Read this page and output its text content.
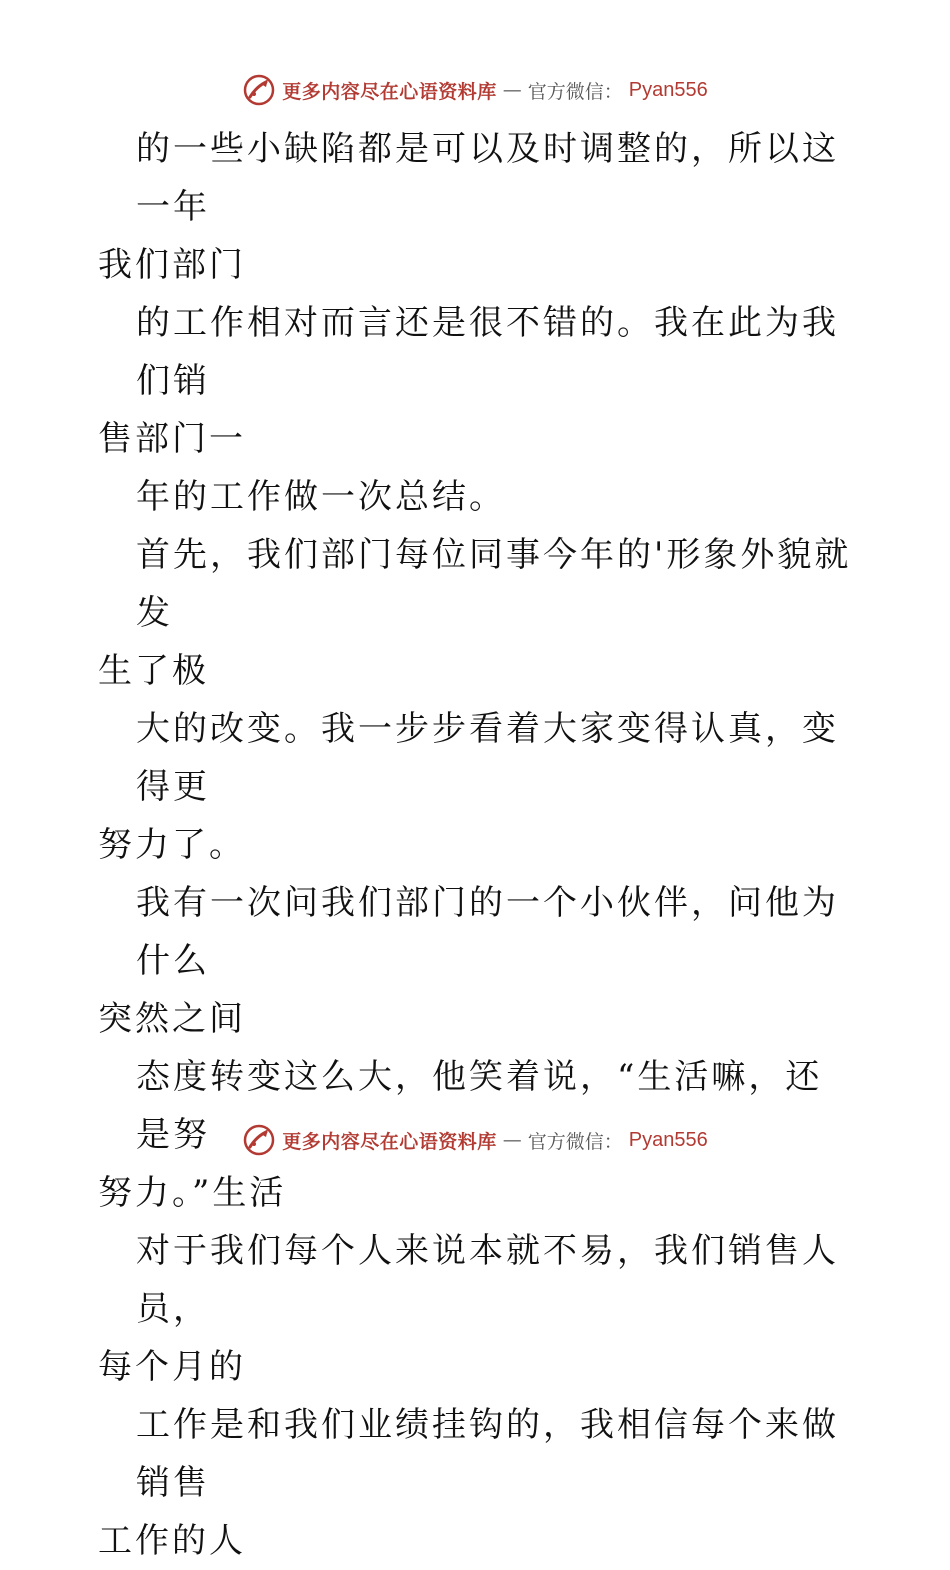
更多内容尽在心语资料库 — 官方微信： Pyan556

的一些小缺陷都是可以及时调整的，所以这一年
我们部门

的工作相对而言还是很不错的。我在此为我们销
售部门一

年的工作做一次总结。

首先，我们部门每位同事今年的'形象外貌就发
生了极

大的改变。我一步步看着大家变得认真，变得更
努力了。

我有一次问我们部门的一个小伙伴，问他为什么
突然之间

态度转变这么大，他笑着说，“生活嘛，还是努
努力。”生活

对于我们每个人来说本就不易，我们销售人员，
每个月的

工作是和我们业绩挂钩的，我相信每个来做销售
工作的人

更多内容尽在心语资料库 — 官方微信： Pyan556
